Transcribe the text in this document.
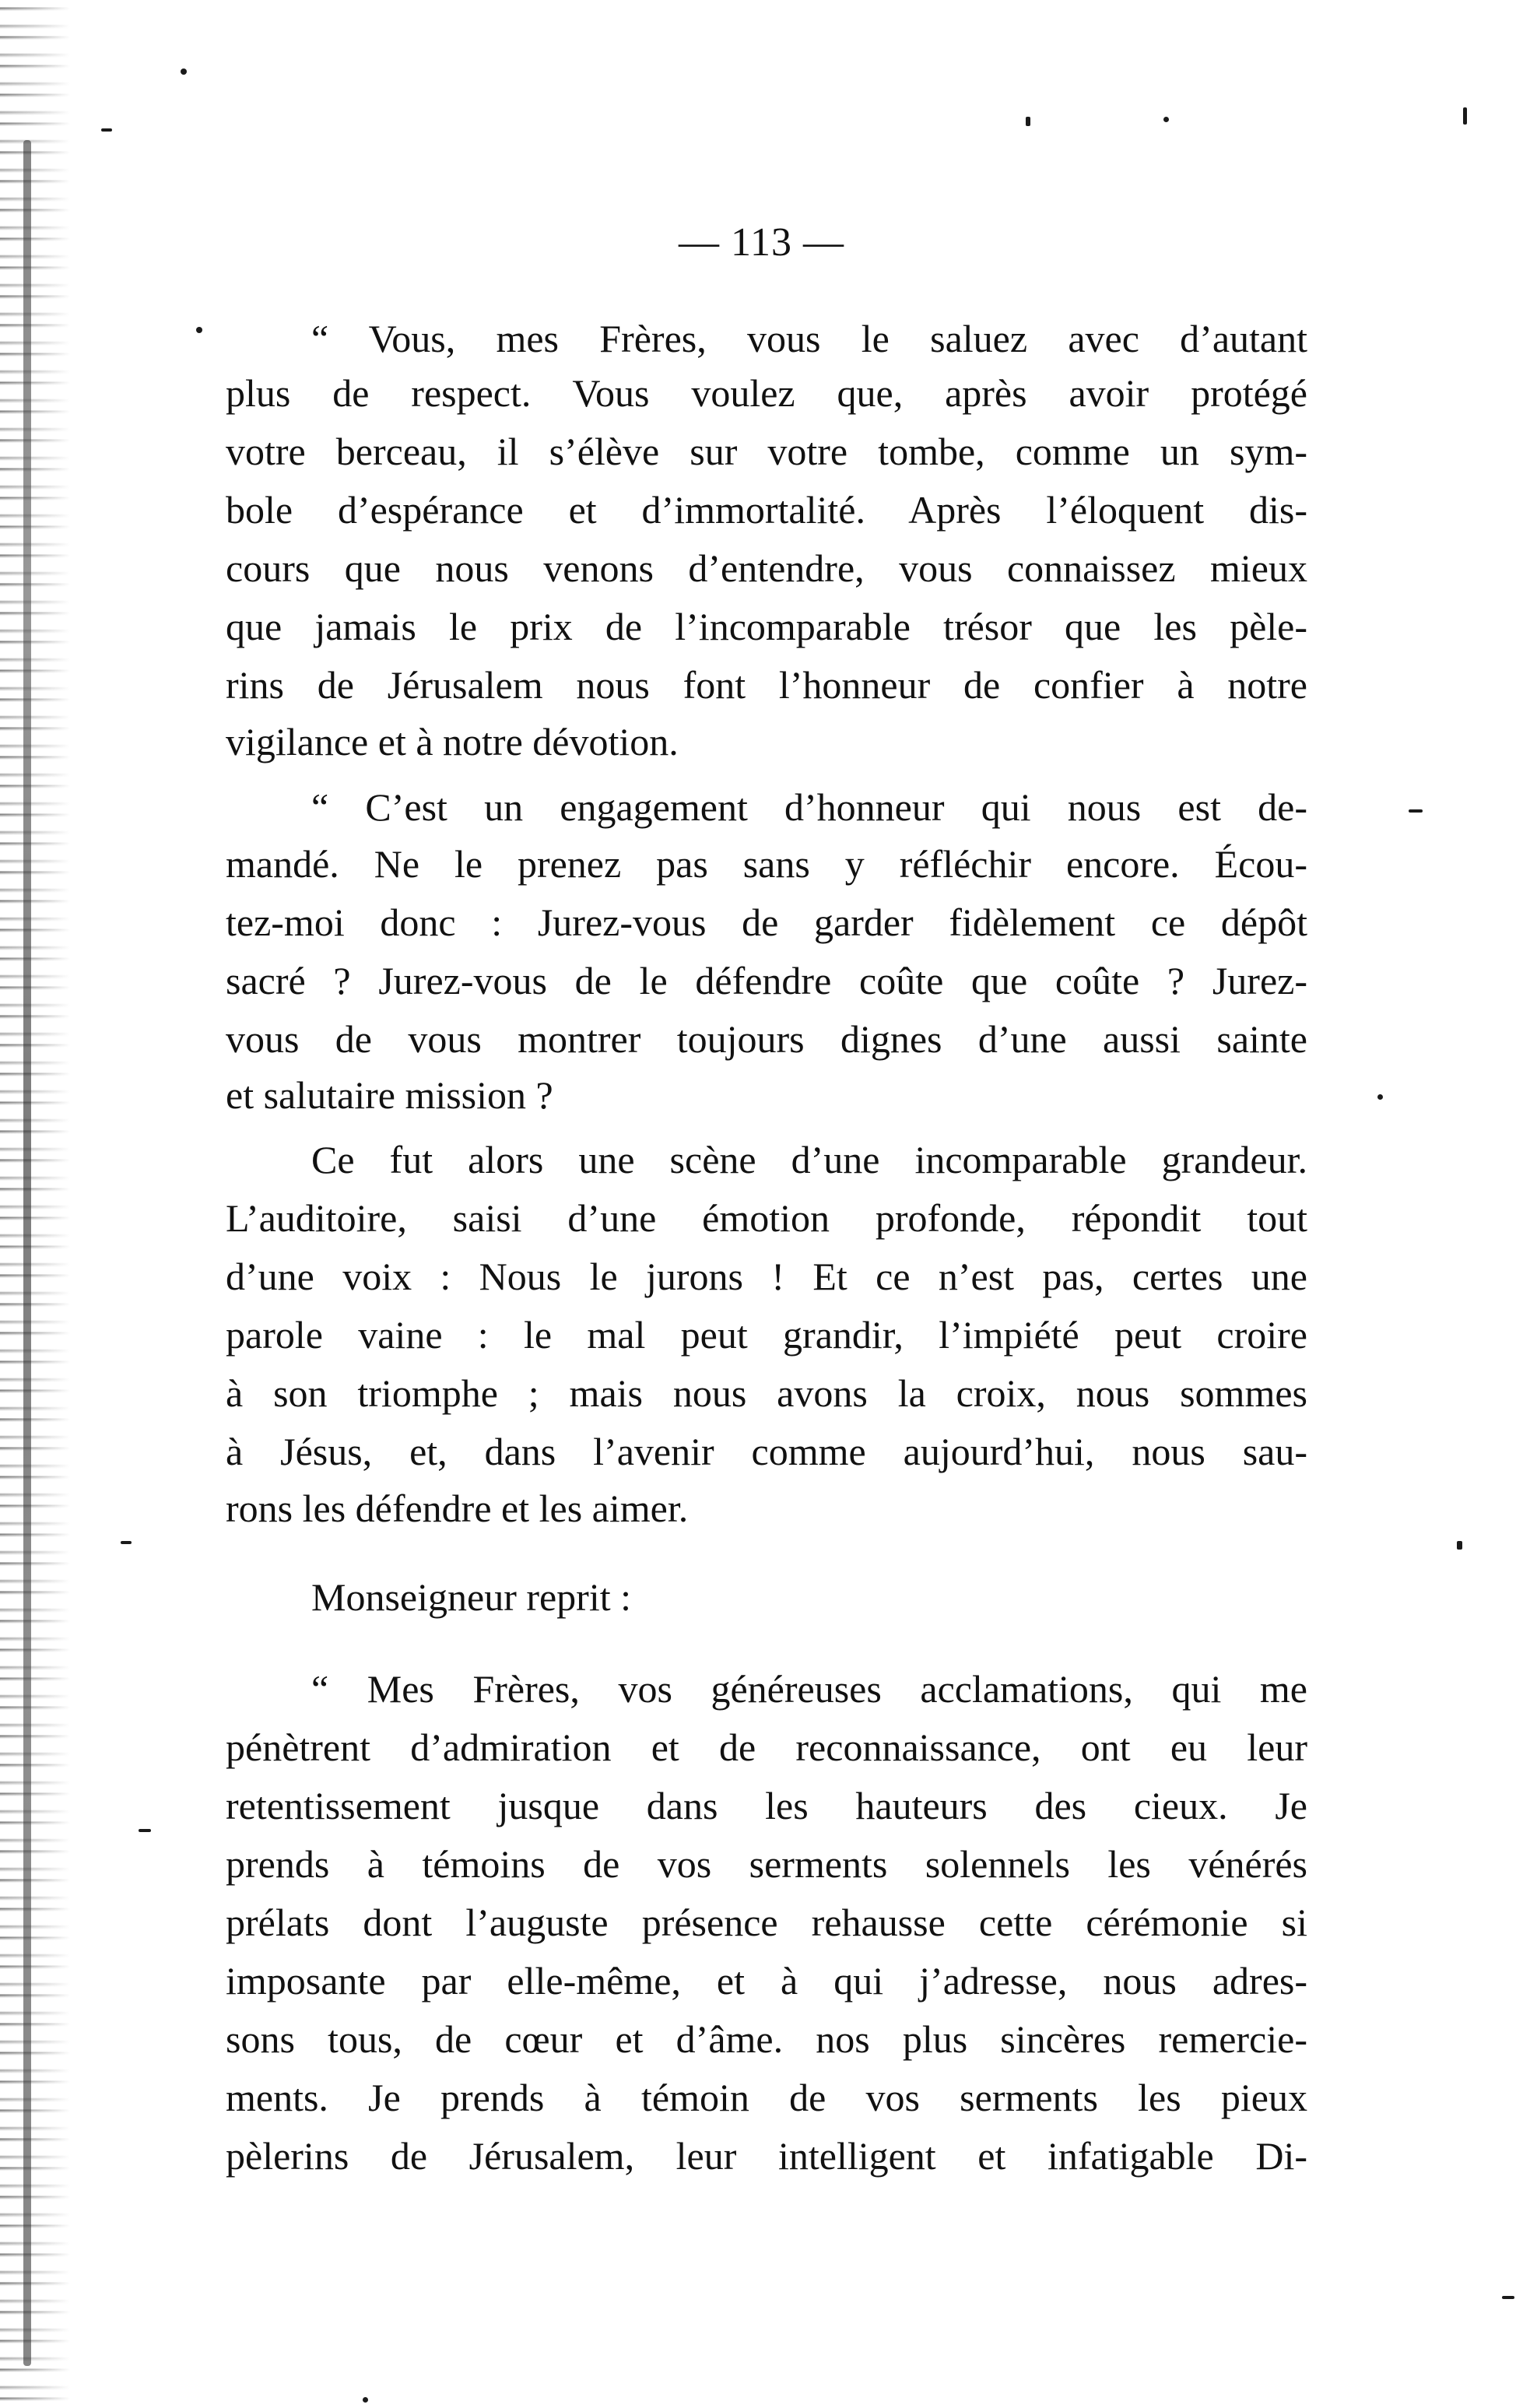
— 113 —
“ Vous, mes Frères, vous le saluez avec d’autant
plus de respect. Vous voulez que, après avoir protégé
votre berceau, il s’élève sur votre tombe, comme un sym-
bole d’espérance et d’immortalité. Après l’éloquent dis-
cours que nous venons d’entendre, vous connaissez mieux
que jamais le prix de l’incomparable trésor que les pèle-
rins de Jérusalem nous font l’honneur de confier à notre
vigilance et à notre dévotion.
“ C’est un engagement d’honneur qui nous est de-
mandé. Ne le prenez pas sans y réfléchir encore. Écou-
tez-moi donc : Jurez-vous de garder fidèlement ce dépôt
sacré ? Jurez-vous de le défendre coûte que coûte ? Jurez-
vous de vous montrer toujours dignes d’une aussi sainte
et salutaire mission ?
Ce fut alors une scène d’une incomparable grandeur.
L’auditoire, saisi d’une émotion profonde, répondit tout
d’une voix : Nous le jurons ! Et ce n’est pas, certes une
parole vaine : le mal peut grandir, l’impiété peut croire
à son triomphe ; mais nous avons la croix, nous sommes
à Jésus, et, dans l’avenir comme aujourd’hui, nous sau-
rons les défendre et les aimer.
Monseigneur reprit :
“ Mes Frères, vos généreuses acclamations, qui me
pénètrent d’admiration et de reconnaissance, ont eu leur
retentissement jusque dans les hauteurs des cieux. Je
prends à témoins de vos serments solennels les vénérés
prélats dont l’auguste présence rehausse cette cérémonie si
imposante par elle-même, et à qui j’adresse, nous adres-
sons tous, de cœur et d’âme. nos plus sincères remercie-
ments. Je prends à témoin de vos serments les pieux
pèlerins de Jérusalem, leur intelligent et infatigable Di-
